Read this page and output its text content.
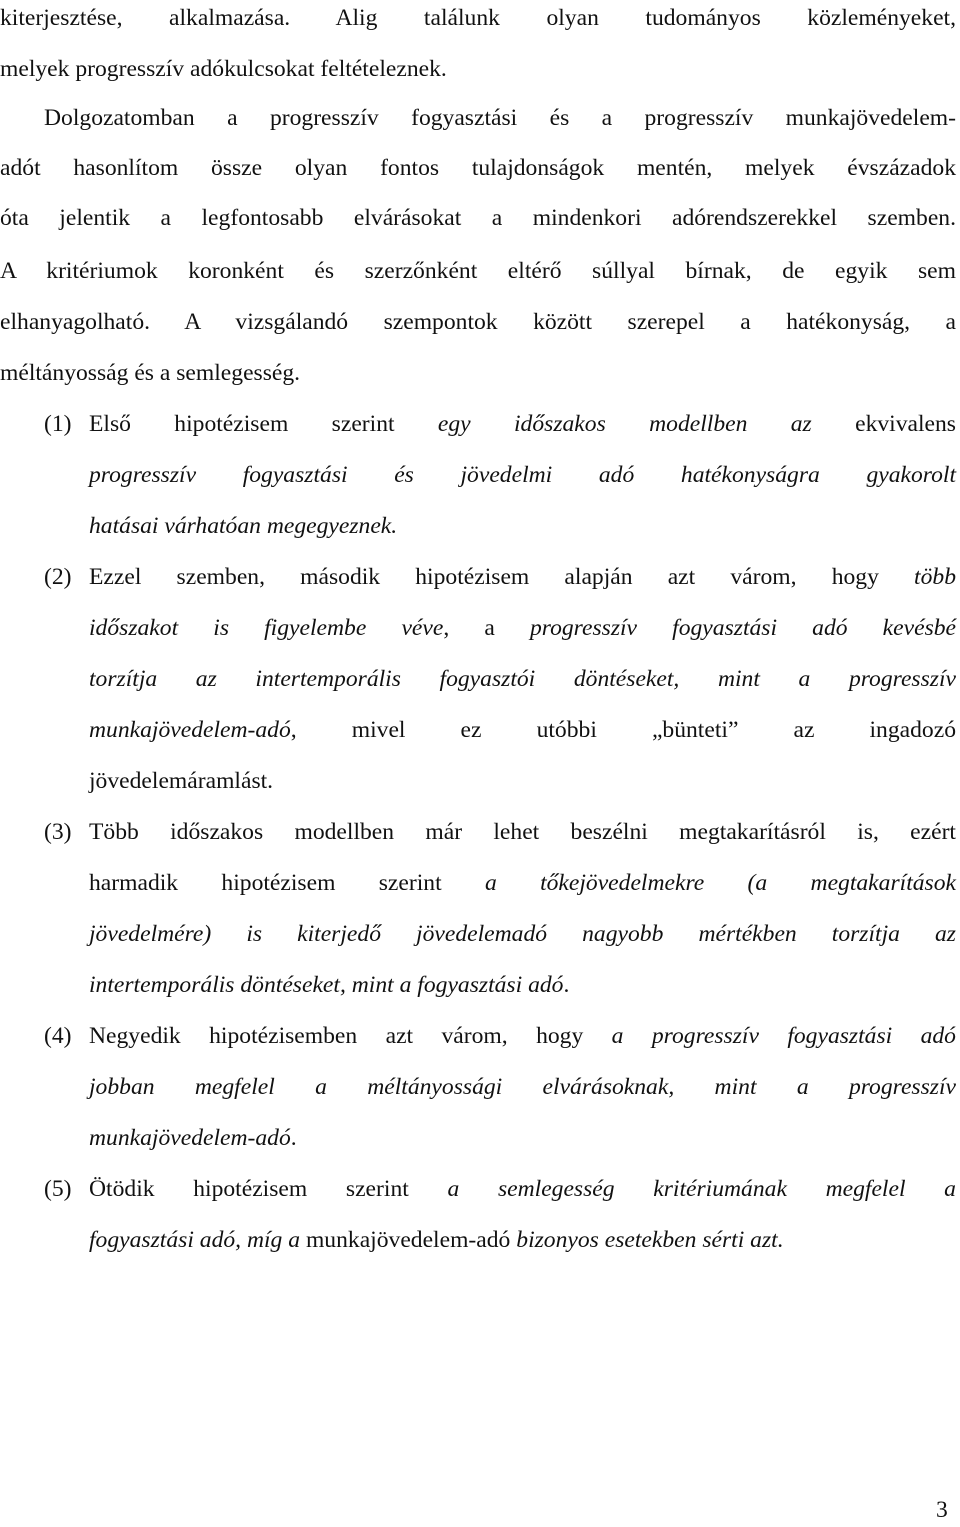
kiterjesztése, alkalmazása. Alig találunk olyan tudományos közleményeket,
melyek progresszív adókulcsokat feltételeznek.
Dolgozatomban a progresszív fogyasztási és a progresszív munkajövedelem-
adót hasonlítom össze olyan fontos tulajdonságok mentén, melyek évszázadok
óta jelentik a legfontosabb elvárásokat a mindenkori adórendszerekkel szemben.
A kritériumok koronként és szerzőnként eltérő súllyal bírnak, de egyik sem
elhanyagolható. A vizsgálandó szempontok között szerepel a hatékonyság, a
méltányosság és a semlegesség.
(1) Első hipotézisem szerint egy időszakos modellben az ekvivalens
progresszív fogyasztási és jövedelmi adó hatékonyságra gyakorolt
hatásai várhatóan megegyeznek.
(2) Ezzel szemben, második hipotézisem alapján azt várom, hogy több
időszakot is figyelembe véve, a progresszív fogyasztási adó kevésbé
torzítja az intertemporális fogyasztói döntéseket, mint a progresszív
munkajövedelem-adó, mivel ez utóbbi „bünteti” az ingadozó
jövedelemáramlást.
(3) Több időszakos modellben már lehet beszélni megtakarításról is, ezért
harmadik hipotézisem szerint a tőkejövedelmekre (a megtakarítások
jövedelmére) is kiterjedő jövedelemadó nagyobb mértékben torzítja az
intertemporális döntéseket, mint a fogyasztási adó.
(4) Negyedik hipotézisemben azt várom, hogy a progresszív fogyasztási adó
jobban megfelel a méltányossági elvárásoknak, mint a progresszív
munkajövedelem-adó.
(5) Ötödik hipotézisem szerint a semlegesség kritériumának megfelel a
fogyasztási adó, míg a munkajövedelem-adó bizonyos esetekben sérti azt.
3
